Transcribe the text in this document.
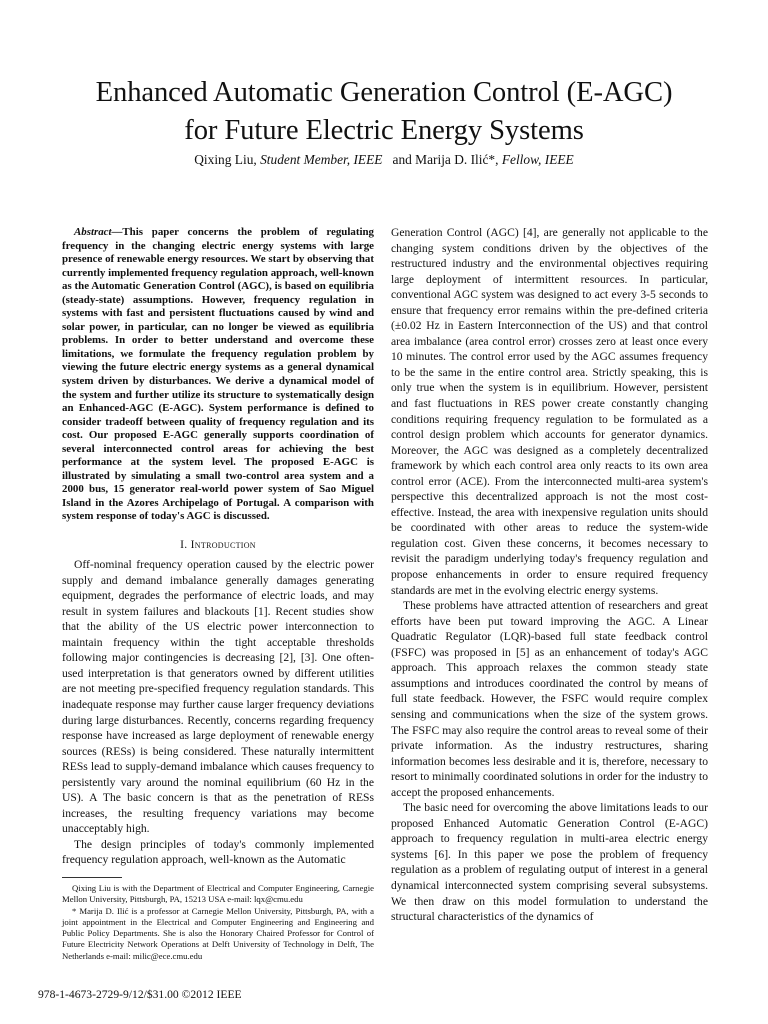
Enhanced Automatic Generation Control (E-AGC)
for Future Electric Energy Systems
Qixing Liu, Student Member, IEEE and Marija D. Ilić*, Fellow, IEEE

Abstract—This paper concerns the problem of regulating frequency in the changing electric energy systems with large presence of renewable energy resources. We start by observing that currently implemented frequency regulation approach, well-known as the Automatic Generation Control (AGC), is based on equilibria (steady-state) assumptions. However, frequency regulation in systems with fast and persistent fluctuations caused by wind and solar power, in particular, can no longer be viewed as equilibria problems. In order to better understand and overcome these limitations, we formulate the frequency regulation problem by viewing the future electric energy systems as a general dynamical system driven by disturbances. We derive a dynamical model of the system and further utilize its structure to systematically design an Enhanced-AGC (E-AGC). System performance is defined to consider tradeoff between quality of frequency regulation and its cost. Our proposed E-AGC generally supports coordination of several interconnected control areas for achieving the best performance at the system level. The proposed E-AGC is illustrated by simulating a small two-control area system and a 2000 bus, 15 generator real-world power system of Sao Miguel Island in the Azores Archipelago of Portugal. A comparison with system response of today's AGC is discussed.

I. Introduction

Off-nominal frequency operation caused by the electric power supply and demand imbalance generally damages generating equipment, degrades the performance of electric loads, and may result in system failures and blackouts [1]. Recent studies show that the ability of the US electric power interconnection to maintain frequency within the tight acceptable thresholds following major contingencies is decreasing [2], [3]. One often-used interpretation is that generators owned by different utilities are not meeting pre-specified frequency regulation standards. This inadequate response may further cause larger frequency deviations during large disturbances. Recently, concerns regarding frequency response have increased as large deployment of renewable energy sources (RESs) is being considered. These naturally intermittent RESs lead to supply-demand imbalance which causes frequency to persistently vary around the nominal equilibrium (60 Hz in the US). A The basic concern is that as the penetration of RESs increases, the resulting frequency variations may become unacceptably high.

The design principles of today's commonly implemented frequency regulation approach, well-known as the Automatic

Generation Control (AGC) [4], are generally not applicable to the changing system conditions driven by the objectives of the restructured industry and the environmental objectives requiring large deployment of intermittent resources. In particular, conventional AGC system was designed to act every 3-5 seconds to ensure that frequency error remains within the pre-defined criteria (±0.02 Hz in Eastern Interconnection of the US) and that control area imbalance (area control error) crosses zero at least once every 10 minutes. The control error used by the AGC assumes frequency to be the same in the entire control area. Strictly speaking, this is only true when the system is in equilibrium. However, persistent and fast fluctuations in RES power create constantly changing conditions requiring frequency regulation to be formulated as a control design problem which accounts for generator dynamics. Moreover, the AGC was designed as a completely decentralized framework by which each control area only reacts to its own area control error (ACE). From the interconnected multi-area system's perspective this decentralized approach is not the most cost-effective. Instead, the area with inexpensive regulation units should be coordinated with other areas to reduce the system-wide regulation cost. Given these concerns, it becomes necessary to revisit the paradigm underlying today's frequency regulation and propose enhancements in order to ensure required frequency standards are met in the evolving electric energy systems.

These problems have attracted attention of researchers and great efforts have been put toward improving the AGC. A Linear Quadratic Regulator (LQR)-based full state feedback control (FSFC) was proposed in [5] as an enhancement of today's AGC approach. This approach relaxes the common steady state assumptions and introduces coordinated the control by means of full state feedback. However, the FSFC would require complex sensing and communications when the size of the system grows. The FSFC may also require the control areas to reveal some of their private information. As the industry restructures, sharing information becomes less desirable and it is, therefore, necessary to resort to minimally coordinated solutions in order for the industry to accept the proposed enhancements.

The basic need for overcoming the above limitations leads to our proposed Enhanced Automatic Generation Control (E-AGC) approach to frequency regulation in multi-area electric energy systems [6]. In this paper we pose the problem of frequency regulation as a problem of regulating output of interest in a general dynamical interconnected system comprising several subsystems. We then draw on this model formulation to understand the structural characteristics of the dynamics of

Qixing Liu is with the Department of Electrical and Computer Engineering, Carnegie Mellon University, Pittsburgh, PA, 15213 USA e-mail: lqx@cmu.edu

* Marija D. Ilić is a professor at Carnegie Mellon University, Pittsburgh, PA, with a joint appointment in the Electrical and Computer Engineering and Engineering and Public Policy Departments. She is also the Honorary Chaired Professor for Control of Future Electricity Network Operations at Delft University of Technology in Delft, The Netherlands e-mail: milic@ece.cmu.edu

978-1-4673-2729-9/12/$31.00 ©2012 IEEE
